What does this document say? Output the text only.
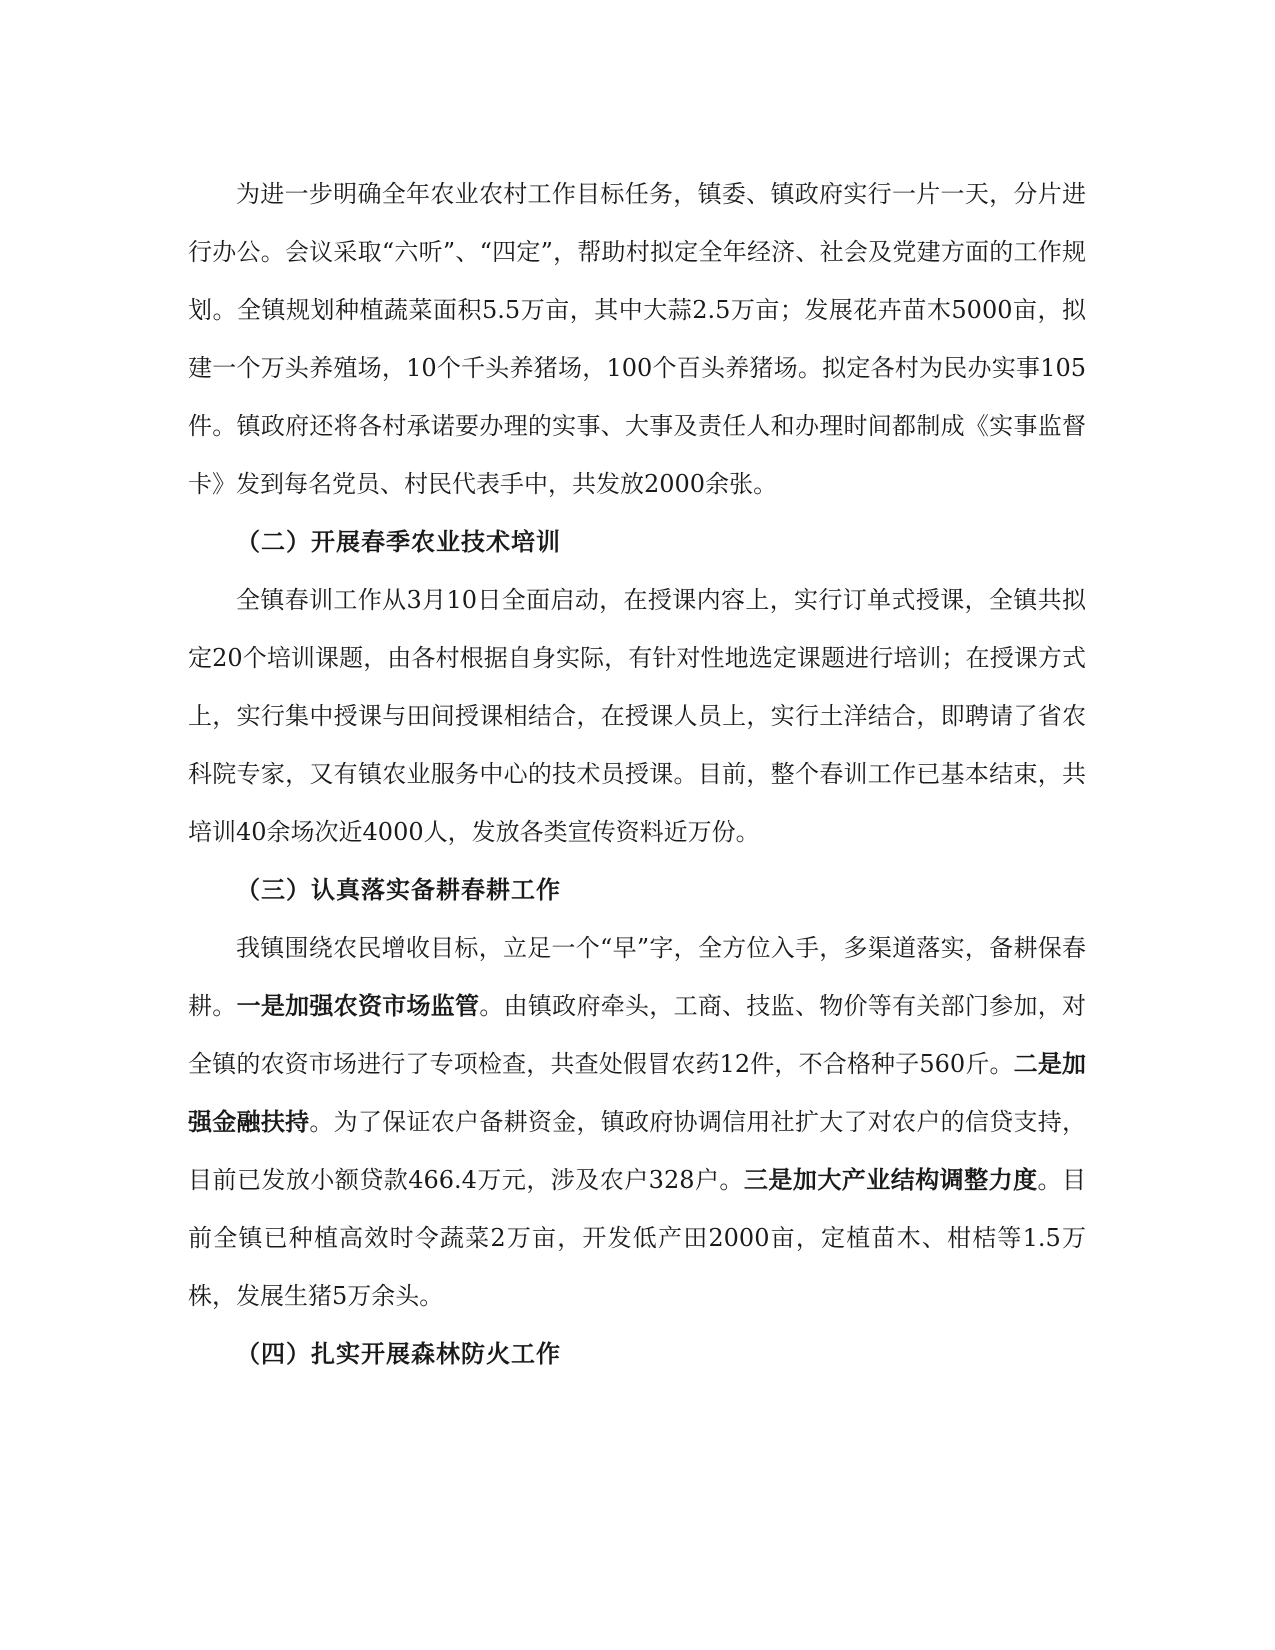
为进一步明确全年农业农村工作目标任务，镇委、镇政府实行一片一天，分片进行办公。会议采取“六听”、“四定”，帮助村拟定全年经济、社会及党建方面的工作规划。全镇规划种植蔬菜面积5.5万亩，其中大蒜2.5万亩；发展花卉苗木5000亩，拟建一个万头养殖场，10个千头养猪场，100个百头养猪场。拟定各村为民办实事105件。镇政府还将各村承诺要办理的实事、大事及责任人和办理时间都制成《实事监督卡》发到每名党员、村民代表手中，共发放2000余张。

（二）开展春季农业技术培训

全镇春训工作从3月10日全面启动，在授课内容上，实行订单式授课，全镇共拟定20个培训课题，由各村根据自身实际，有针对性地选定课题进行培训；在授课方式上，实行集中授课与田间授课相结合，在授课人员上，实行土洋结合，即聘请了省农科院专家，又有镇农业服务中心的技术员授课。目前，整个春训工作已基本结束，共培训40余场次近4000人，发放各类宣传资料近万份。

（三）认真落实备耕春耕工作

我镇围绕农民增收目标，立足一个“早”字，全方位入手，多渠道落实，备耕保春耕。一是加强农资市场监管。由镇政府牵头，工商、技监、物价等有关部门参加，对全镇的农资市场进行了专项检查，共查处假冒农药12件，不合格种子560斤。二是加强金融扶持。为了保证农户备耕资金，镇政府协调信用社扩大了对农户的信贷支持，目前已发放小额贷款466.4万元，涉及农户328户。三是加大产业结构调整力度。目前全镇已种植高效时令蔬菜2万亩，开发低产田2000亩，定植苗木、柑桔等1.5万株，发展生猪5万余头。

（四）扎实开展森林防火工作
